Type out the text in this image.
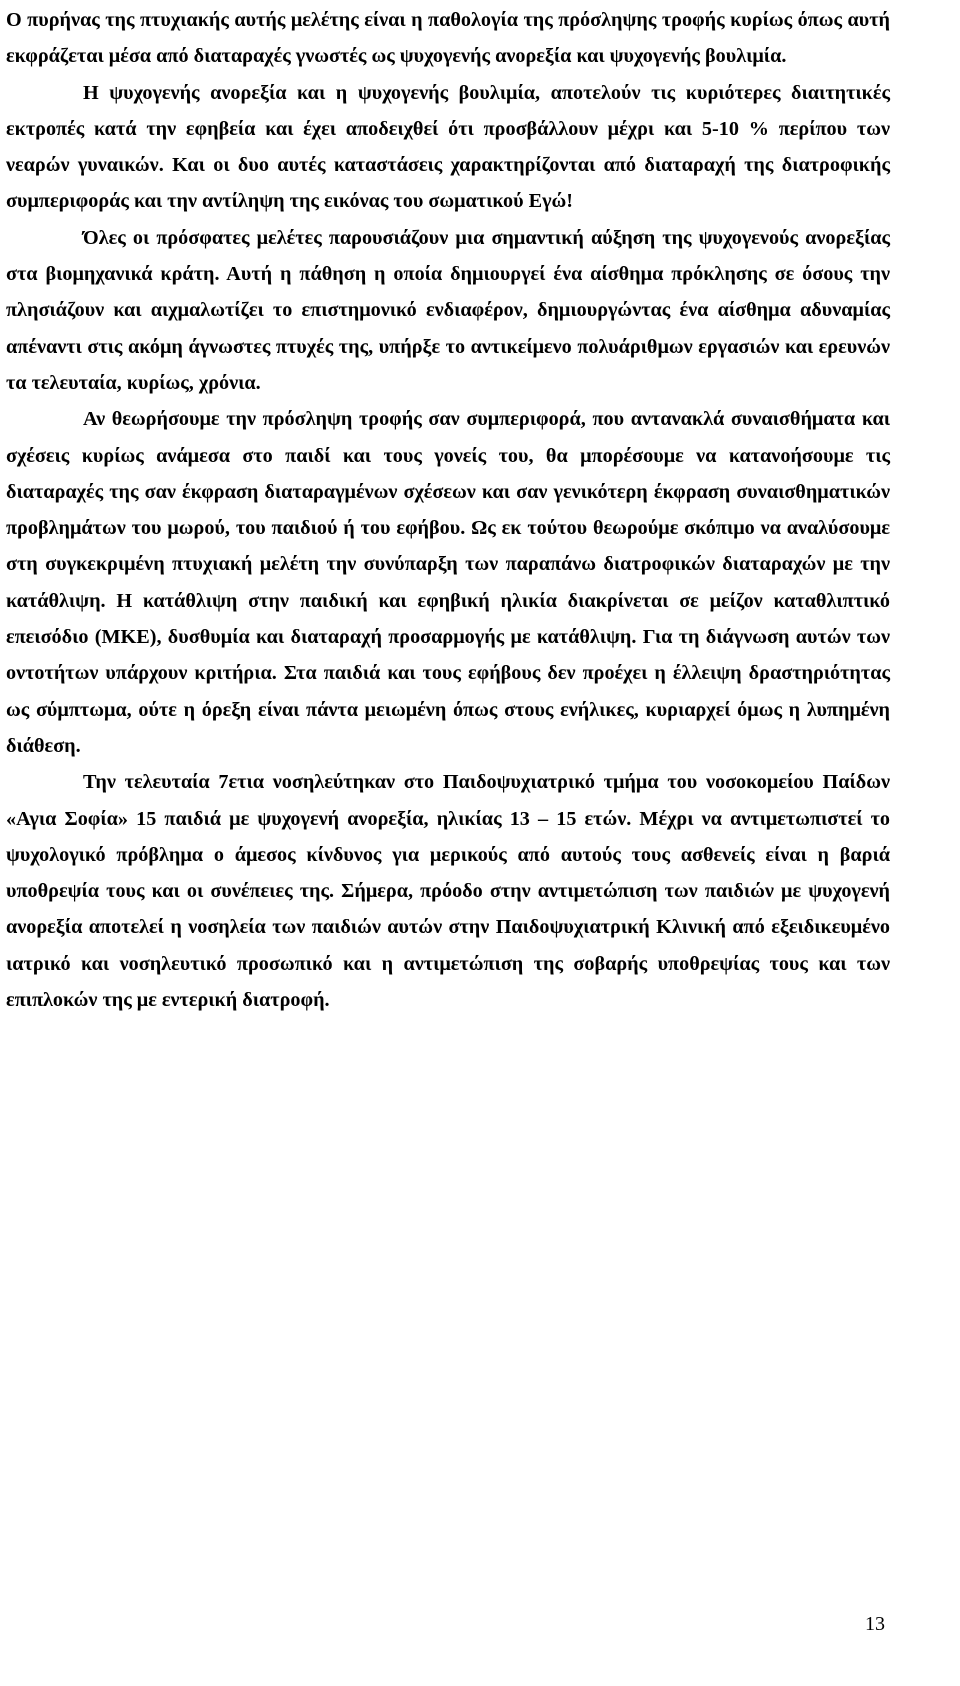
Ο πυρήνας της πτυχιακής αυτής μελέτης είναι η παθολογία της πρόσληψης τροφής κυρίως όπως αυτή εκφράζεται μέσα από διαταραχές γνωστές ως ψυχογενής ανορεξία και ψυχογενής βουλιμία.

Η ψυχογενής ανορεξία και η ψυχογενής βουλιμία, αποτελούν τις κυριότερες διαιτητικές εκτροπές κατά την εφηβεία και έχει αποδειχθεί ότι προσβάλλουν μέχρι και 5-10 % περίπου των νεαρών γυναικών. Και οι δυο αυτές καταστάσεις χαρακτηρίζονται από διαταραχή της διατροφικής συμπεριφοράς και την αντίληψη της εικόνας του σωματικού Εγώ!

Όλες οι πρόσφατες μελέτες παρουσιάζουν μια σημαντική αύξηση της ψυχογενούς ανορεξίας στα βιομηχανικά κράτη. Αυτή η πάθηση η οποία δημιουργεί ένα αίσθημα πρόκλησης σε όσους την πλησιάζουν και αιχμαλωτίζει το επιστημονικό ενδιαφέρον, δημιουργώντας ένα αίσθημα αδυναμίας απέναντι στις ακόμη άγνωστες πτυχές της, υπήρξε το αντικείμενο πολυάριθμων εργασιών και ερευνών τα τελευταία, κυρίως, χρόνια.

Αν θεωρήσουμε την πρόσληψη τροφής σαν συμπεριφορά, που αντανακλά συναισθήματα και σχέσεις κυρίως ανάμεσα στο παιδί και τους γονείς του, θα μπορέσουμε να κατανοήσουμε τις διαταραχές της σαν έκφραση διαταραγμένων σχέσεων και σαν γενικότερη έκφραση συναισθηματικών προβλημάτων του μωρού, του παιδιού ή του εφήβου. Ως εκ τούτου θεωρούμε σκόπιμο να αναλύσουμε στη συγκεκριμένη πτυχιακή μελέτη την συνύπαρξη των παραπάνω διατροφικών διαταραχών με την κατάθλιψη. Η κατάθλιψη στην παιδική και εφηβική ηλικία διακρίνεται σε μείζον καταθλιπτικό επεισόδιο (ΜΚΕ), δυσθυμία και διαταραχή προσαρμογής με κατάθλιψη. Για τη διάγνωση αυτών των οντοτήτων υπάρχουν κριτήρια. Στα παιδιά και τους εφήβους δεν προέχει η έλλειψη δραστηριότητας ως σύμπτωμα, ούτε η όρεξη είναι πάντα μειωμένη όπως στους ενήλικες, κυριαρχεί όμως η λυπημένη διάθεση.

Την τελευταία 7ετια νοσηλεύτηκαν στο Παιδοψυχιατρικό τμήμα του νοσοκομείου Παίδων «Αγια Σοφία» 15 παιδιά με ψυχογενή ανορεξία, ηλικίας 13 – 15 ετών. Μέχρι να αντιμετωπιστεί το ψυχολογικό πρόβλημα ο άμεσος κίνδυνος για μερικούς από αυτούς τους ασθενείς είναι η βαριά υποθρεψία τους και οι συνέπειες της. Σήμερα, πρόοδο στην αντιμετώπιση των παιδιών με ψυχογενή ανορεξία αποτελεί η νοσηλεία των παιδιών αυτών στην Παιδοψυχιατρική Κλινική από εξειδικευμένο ιατρικό και νοσηλευτικό προσωπικό και η αντιμετώπιση της σοβαρής υποθρεψίας τους και των επιπλοκών της με εντερική διατροφή.

13
